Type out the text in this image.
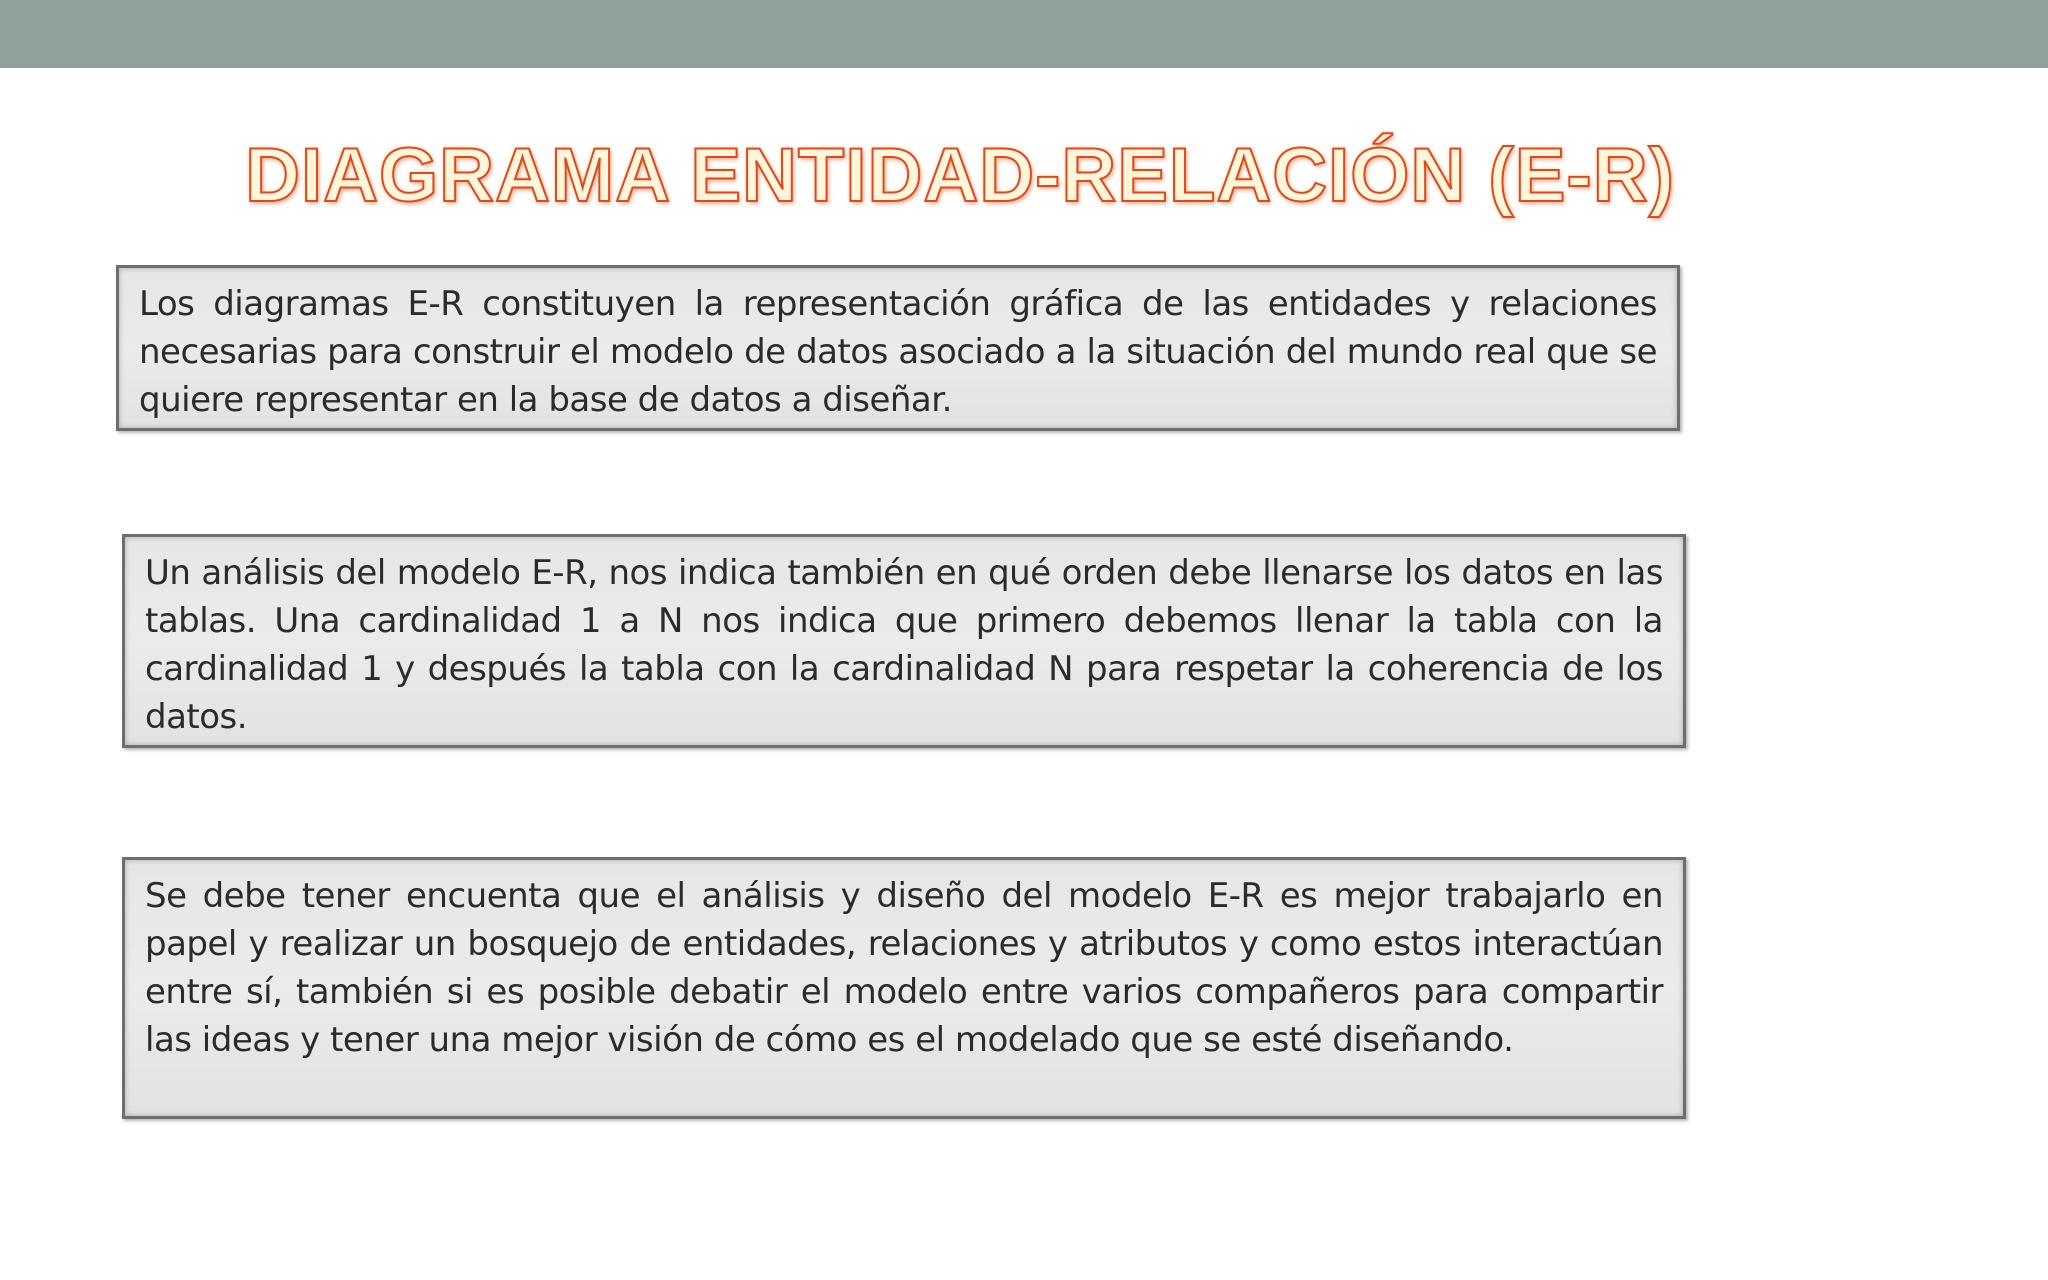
DIAGRAMA ENTIDAD-RELACIÓN (E-R)

Los diagramas E-R constituyen la representación gráfica de las entidades y relaciones necesarias para construir el modelo de datos asociado a la situación del mundo real que se quiere representar en la base de datos a diseñar.

Un análisis del modelo E-R, nos indica también en qué orden debe llenarse los datos en las tablas. Una cardinalidad 1 a N nos indica que primero debemos llenar la tabla con la cardinalidad 1 y después la tabla con la cardinalidad N para respetar la coherencia de los datos.

Se debe tener encuenta que el análisis y diseño del modelo E-R es mejor trabajarlo en papel y realizar un bosquejo de entidades, relaciones y atributos y como estos interactúan entre sí, también si es posible debatir el modelo entre varios compañeros para compartir las ideas y tener una mejor visión de cómo es el modelado que se esté diseñando.
